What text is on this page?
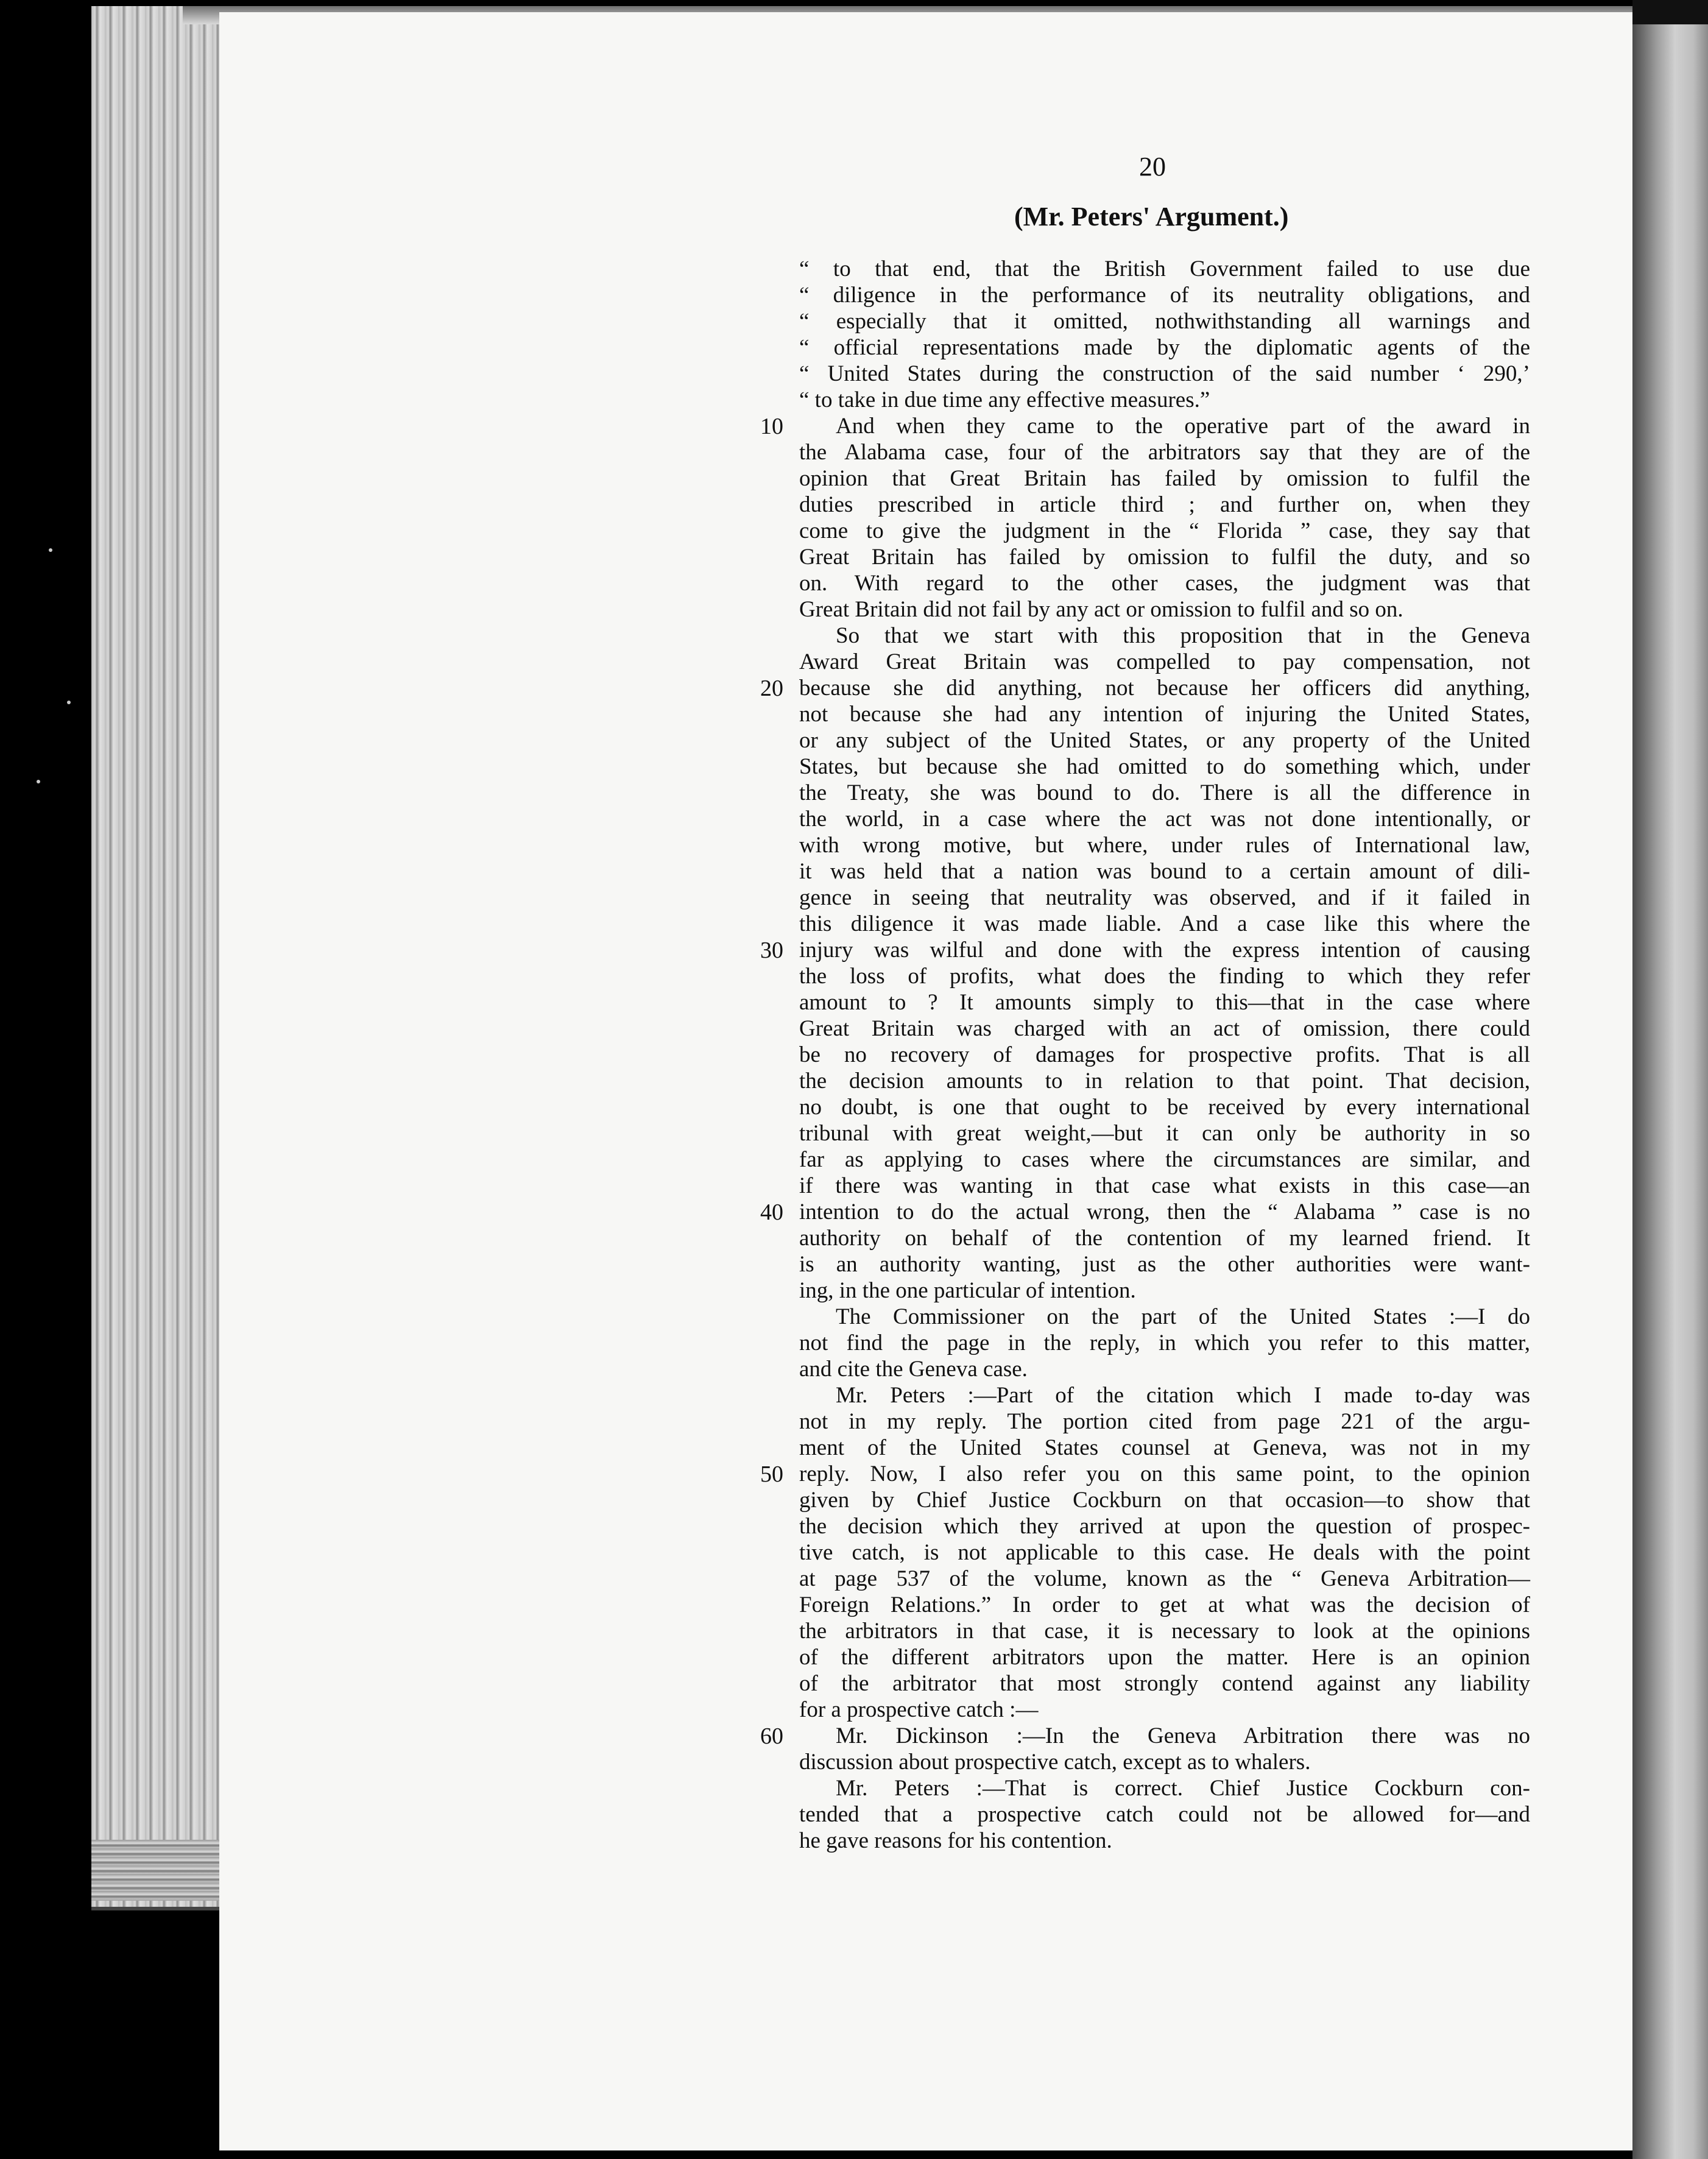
20
(Mr. Peters' Argument.)
10
20
30
40
50
60
“ to that end, that the British Government failed to use due
“ diligence in the performance of its neutrality obligations, and
“ especially that it omitted, nothwithstanding all warnings and
“ official representations made by the diplomatic agents of the
“ United States during the construction of the said number ‘ 290,’
“ to take in due time any effective measures.”
And when they came to the operative part of the award in
the Alabama case, four of the arbitrators say that they are of the
opinion that Great Britain has failed by omission to fulfil the
duties prescribed in article third ; and further on, when they
come to give the judgment in the “ Florida ” case, they say that
Great Britain has failed by omission to fulfil the duty, and so
on. With regard to the other cases, the judgment was that
Great Britain did not fail by any act or omission to fulfil and so on.
So that we start with this proposition that in the Geneva
Award Great Britain was compelled to pay compensation, not
because she did anything, not because her officers did anything,
not because she had any intention of injuring the United States,
or any subject of the United States, or any property of the United
States, but because she had omitted to do something which, under
the Treaty, she was bound to do. There is all the difference in
the world, in a case where the act was not done intentionally, or
with wrong motive, but where, under rules of International law,
it was held that a nation was bound to a certain amount of dili-
gence in seeing that neutrality was observed, and if it failed in
this diligence it was made liable. And a case like this where the
injury was wilful and done with the express intention of causing
the loss of profits, what does the finding to which they refer
amount to ? It amounts simply to this—that in the case where
Great Britain was charged with an act of omission, there could
be no recovery of damages for prospective profits. That is all
the decision amounts to in relation to that point. That decision,
no doubt, is one that ought to be received by every international
tribunal with great weight,—but it can only be authority in so
far as applying to cases where the circumstances are similar, and
if there was wanting in that case what exists in this case—an
intention to do the actual wrong, then the “ Alabama ” case is no
authority on behalf of the contention of my learned friend. It
is an authority wanting, just as the other authorities were want-
ing, in the one particular of intention.
The Commissioner on the part of the United States :—I do
not find the page in the reply, in which you refer to this matter,
and cite the Geneva case.
Mr. Peters :—Part of the citation which I made to-day was
not in my reply. The portion cited from page 221 of the argu-
ment of the United States counsel at Geneva, was not in my
reply. Now, I also refer you on this same point, to the opinion
given by Chief Justice Cockburn on that occasion—to show that
the decision which they arrived at upon the question of prospec-
tive catch, is not applicable to this case. He deals with the point
at page 537 of the volume, known as the “ Geneva Arbitration—
Foreign Relations.” In order to get at what was the decision of
the arbitrators in that case, it is necessary to look at the opinions
of the different arbitrators upon the matter. Here is an opinion
of the arbitrator that most strongly contend against any liability
for a prospective catch :—
Mr. Dickinson :—In the Geneva Arbitration there was no
discussion about prospective catch, except as to whalers.
Mr. Peters :—That is correct. Chief Justice Cockburn con-
tended that a prospective catch could not be allowed for—and
he gave reasons for his contention.
